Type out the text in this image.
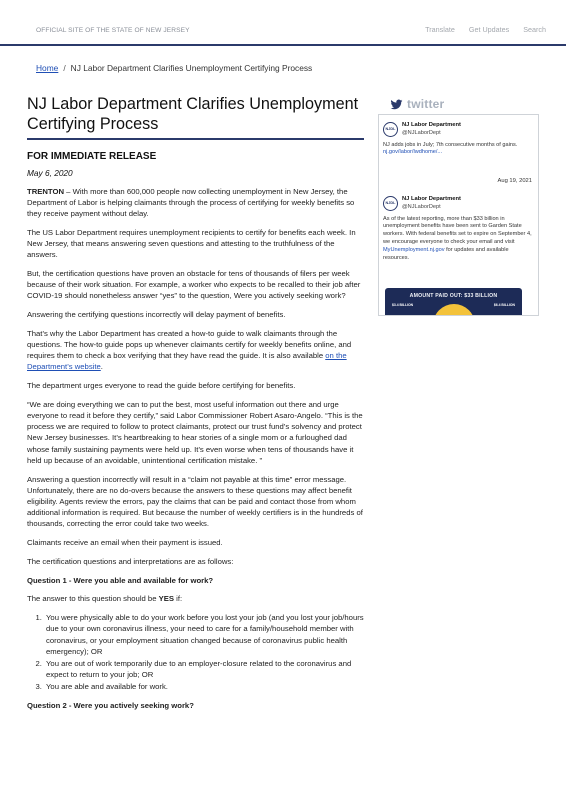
OFFICIAL SITE OF THE STATE OF NEW JERSEY	Translate Get Updates Search
Home / NJ Labor Department Clarifies Unemployment Certifying Process
NJ Labor Department Clarifies Unemployment Certifying Process
FOR IMMEDIATE RELEASE
May 6, 2020

TRENTON – With more than 600,000 people now collecting unemployment in New Jersey, the Department of Labor is helping claimants through the process of certifying for weekly benefits so they receive payment without delay.

The US Labor Department requires unemployment recipients to certify for benefits each week. In New Jersey, that means answering seven questions and attesting to the truthfulness of the answers.

But, the certification questions have proven an obstacle for tens of thousands of filers per week because of their work situation. For example, a worker who expects to be recalled to their job after COVID-19 should nonetheless answer “yes” to the question, Were you actively seeking work?

Answering the certifying questions incorrectly will delay payment of benefits.

That’s why the Labor Department has created a how-to guide to walk claimants through the questions. The how-to guide pops up whenever claimants certify for weekly benefits online, and requires them to check a box verifying that they have read the guide. It is also available on the Department’s website.

The department urges everyone to read the guide before certifying for benefits.

“We are doing everything we can to put the best, most useful information out there and urge everyone to read it before they certify,” said Labor Commissioner Robert Asaro-Angelo. “This is the process we are required to follow to protect claimants, protect our trust fund’s solvency and protect New Jersey businesses. It’s heartbreaking to hear stories of a single mom or a furloughed dad whose family sustaining payments were held up. It’s even worse when tens of thousands have it held up because of an avoidable, unintentional certification mistake. ”

Answering a question incorrectly will result in a “claim not payable at this time” error message. Unfortunately, there are no do-overs because the answers to these questions may affect benefit eligibility. Agents review the errors, pay the claims that can be paid and contact those from whom additional information is required. But because the number of weekly certifiers is in the hundreds of thousands, correcting the error could take two weeks.

Claimants receive an email when their payment is issued.

The certification questions and interpretations are as follows:

Question 1 - Were you able and available for work?

The answer to this question should be YES if:

1. You were physically able to do your work before you lost your job (and you lost your job/hours due to your own coronavirus illness, your need to care for a family/household member with coronavirus, or your employment situation changed because of coronavirus public health emergency); OR
2. You are out of work temporarily due to an employer-closure related to the coronavirus and expect to return to your job; OR
3. You are able and available for work.

Question 2 - Were you actively seeking work?

twitter
NJDL
NJ Labor Department
@NJLaborDept
NJ adds jobs in July; 7th consecutive months of gains. nj.gov/labor/lwdhome/...
Aug 19, 2021
NJDL
NJ Labor Department
@NJLaborDept
As of the latest reporting, more than $33 billion in unemployment benefits have been sent to Garden State workers. With federal benefits set to expire on September 4, we encourage everyone to check your email and visit MyUnemployment.nj.gov for updates and available resources.
AMOUNT PAID OUT: $33 BILLION
$3.4 BILLION	$6.4 BILLION
